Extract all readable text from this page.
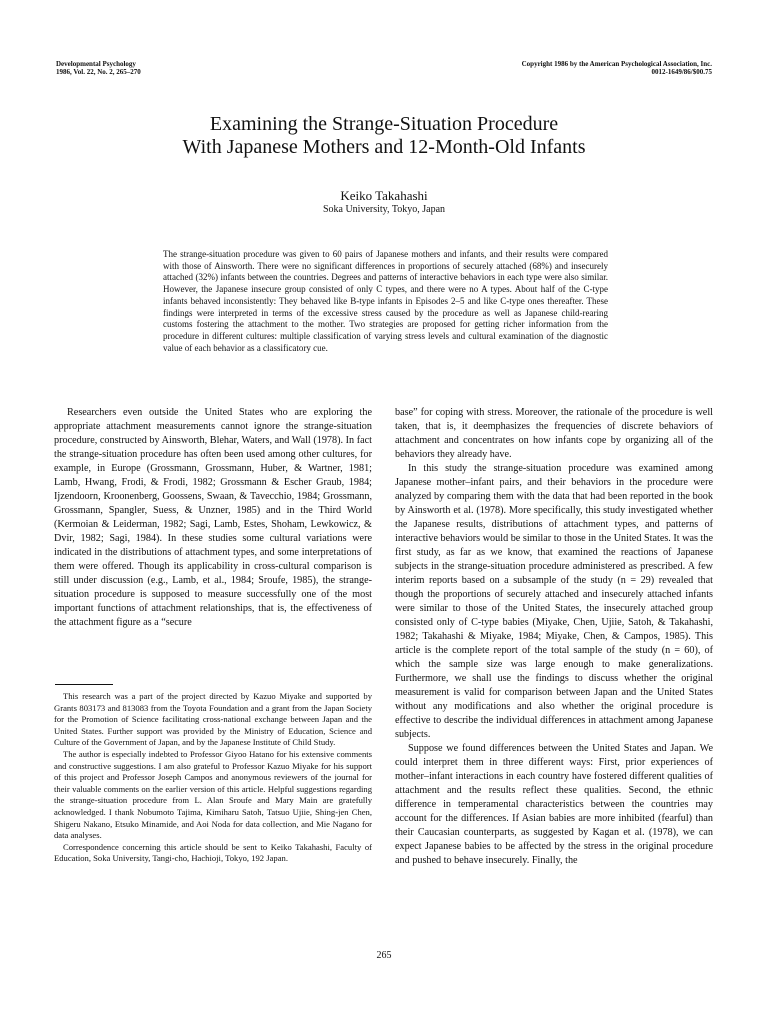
Developmental Psychology
1986, Vol. 22, No. 2, 265–270
Copyright 1986 by the American Psychological Association, Inc.
0012-1649/86/$00.75
Examining the Strange-Situation Procedure
With Japanese Mothers and 12-Month-Old Infants
Keiko Takahashi
Soka University, Tokyo, Japan
The strange-situation procedure was given to 60 pairs of Japanese mothers and infants, and their results were compared with those of Ainsworth. There were no significant differences in proportions of securely attached (68%) and insecurely attached (32%) infants between the countries. Degrees and patterns of interactive behaviors in each type were also similar. However, the Japanese insecure group consisted of only C types, and there were no A types. About half of the C-type infants behaved inconsistently: They behaved like B-type infants in Episodes 2–5 and like C-type ones thereafter. These findings were interpreted in terms of the excessive stress caused by the procedure as well as Japanese child-rearing customs fostering the attachment to the mother. Two strategies are proposed for getting richer information from the procedure in different cultures: multiple classification of varying stress levels and cultural examination of the diagnostic value of each behavior as a classificatory cue.

Researchers even outside the United States who are exploring the appropriate attachment measurements cannot ignore the strange-situation procedure, constructed by Ainsworth, Blehar, Waters, and Wall (1978). In fact the strange-situation procedure has often been used among other cultures, for example, in Europe (Grossmann, Grossmann, Huber, & Wartner, 1981; Lamb, Hwang, Frodi, & Frodi, 1982; Grossmann & Escher Graub, 1984; Ijzendoorn, Kroonenberg, Goossens, Swaan, & Tavecchio, 1984; Grossmann, Grossmann, Spangler, Suess, & Unzner, 1985) and in the Third World (Kermoian & Leiderman, 1982; Sagi, Lamb, Estes, Shoham, Lewkowicz, & Dvir, 1982; Sagi, 1984). In these studies some cultural variations were indicated in the distributions of attachment types, and some interpretations of them were offered. Though its applicability in cross-cultural comparison is still under discussion (e.g., Lamb, et al., 1984; Sroufe, 1985), the strange-situation procedure is supposed to measure successfully one of the most important functions of attachment relationships, that is, the effectiveness of the attachment figure as a “secure

This research was a part of the project directed by Kazuo Miyake and supported by Grants 803173 and 813083 from the Toyota Foundation and a grant from the Japan Society for the Promotion of Science facilitating cross-national exchange between Japan and the United States. Further support was provided by the Ministry of Education, Science and Culture of the Government of Japan, and by the Japanese Institute of Child Study.

The author is especially indebted to Professor Giyoo Hatano for his extensive comments and constructive suggestions. I am also grateful to Professor Kazuo Miyake for his support of this project and Professor Joseph Campos and anonymous reviewers of the journal for their valuable comments on the earlier version of this article. Helpful suggestions regarding the strange-situation procedure from L. Alan Sroufe and Mary Main are gratefully acknowledged. I thank Nobumoto Tajima, Kimiharu Satoh, Tatsuo Ujiie, Shing-jen Chen, Shigeru Nakano, Etsuko Minamide, and Aoi Noda for data collection, and Mie Nagano for data analyses.

Correspondence concerning this article should be sent to Keiko Takahashi, Faculty of Education, Soka University, Tangi-cho, Hachioji, Tokyo, 192 Japan.

base” for coping with stress. Moreover, the rationale of the procedure is well taken, that is, it deemphasizes the frequencies of discrete behaviors of attachment and concentrates on how infants cope by organizing all of the behaviors they already have.

In this study the strange-situation procedure was examined among Japanese mother–infant pairs, and their behaviors in the procedure were analyzed by comparing them with the data that had been reported in the book by Ainsworth et al. (1978). More specifically, this study investigated whether the Japanese results, distributions of attachment types, and patterns of interactive behaviors would be similar to those in the United States. It was the first study, as far as we know, that examined the reactions of Japanese subjects in the strange-situation procedure administered as prescribed. A few interim reports based on a subsample of the study (n = 29) revealed that though the proportions of securely attached and insecurely attached infants were similar to those of the United States, the insecurely attached group consisted only of C-type babies (Miyake, Chen, Ujiie, Satoh, & Takahashi, 1982; Takahashi & Miyake, 1984; Miyake, Chen, & Campos, 1985). This article is the complete report of the total sample of the study (n = 60), of which the sample size was large enough to make generalizations. Furthermore, we shall use the findings to discuss whether the original measurement is valid for comparison between Japan and the United States without any modifications and also whether the original procedure is effective to describe the individual differences in attachment among Japanese subjects.

Suppose we found differences between the United States and Japan. We could interpret them in three different ways: First, prior experiences of mother–infant interactions in each country have fostered different qualities of attachment and the results reflect these qualities. Second, the ethnic difference in temperamental characteristics between the countries may account for the differences. If Asian babies are more inhibited (fearful) than their Caucasian counterparts, as suggested by Kagan et al. (1978), we can expect Japanese babies to be affected by the stress in the original procedure and pushed to behave insecurely. Finally, the

265
